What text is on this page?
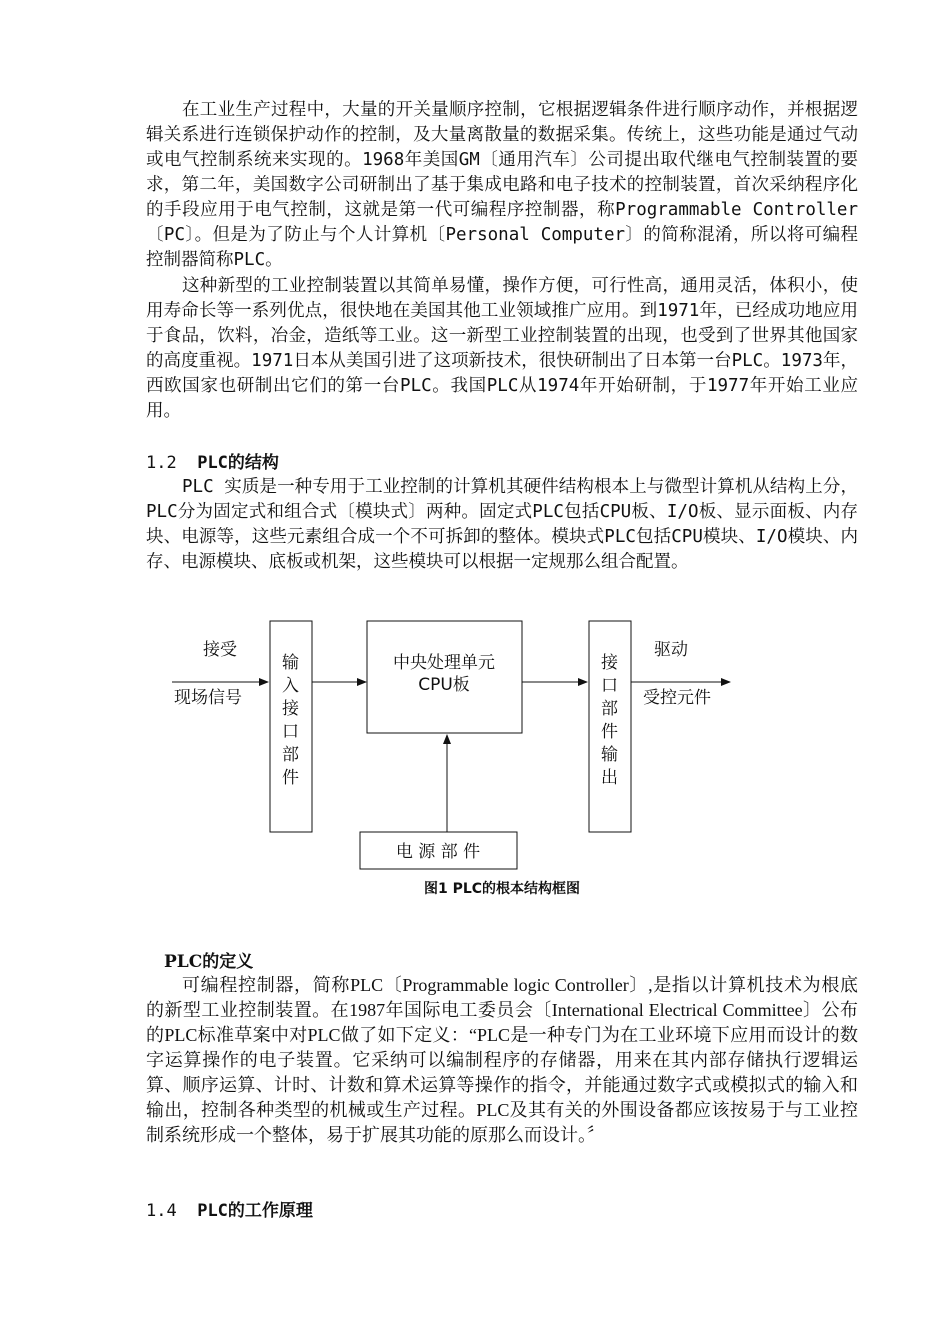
在工业生产过程中，大量的开关量顺序控制，它根据逻辑条件进行顺序动作，并根据逻辑关系进行连锁保护动作的控制，及大量离散量的数据采集。传统上，这些功能是通过气动或电气控制系统来实现的。1968年美国GM〔通用汽车〕公司提出取代继电气控制装置的要求，第二年，美国数字公司研制出了基于集成电路和电子技术的控制装置，首次采纳程序化的手段应用于电气控制，这就是第一代可编程序控制器，称Programmable Controller〔PC〕。但是为了防止与个人计算机〔Personal Computer〕的简称混淆，所以将可编程控制器简称PLC。

这种新型的工业控制装置以其简单易懂，操作方便，可行性高，通用灵活，体积小，使用寿命长等一系列优点，很快地在美国其他工业领域推广应用。到1971年，已经成功地应用于食品，饮料，冶金，造纸等工业。这一新型工业控制装置的出现，也受到了世界其他国家的高度重视。1971日本从美国引进了这项新技术，很快研制出了日本第一台PLC。1973年，西欧国家也研制出它们的第一台PLC。我国PLC从1974年开始研制，于1977年开始工业应用。

1.2 PLC的结构

PLC 实质是一种专用于工业控制的计算机其硬件结构根本上与微型计算机从结构上分，PLC分为固定式和组合式〔模块式〕两种。固定式PLC包括CPU板、I/O板、显示面板、内存块、电源等，这些元素组合成一个不可拆卸的整体。模块式PLC包括CPU模块、I/O模块、内存、电源模块、底板或机架，这些模块可以根据一定规那么组合配置。

接受
现场信号
输
入
接
口
部
件
中央处理单元
CPU板
接
口
部
件
输
出
驱动
受控元件
电 源 部 件
图1 PLC的根本结构框图
PLC的定义

可编程控制器，简称PLC〔Programmable logic Controller〕,是指以计算机技术为根底的新型工业控制装置。在1987年国际电工委员会〔International Electrical Committee〕公布的PLC标准草案中对PLC做了如下定义：“PLC是一种专门为在工业环境下应用而设计的数字运算操作的电子装置。它采纳可以编制程序的存储器，用来在其内部存储执行逻辑运算、顺序运算、计时、计数和算术运算等操作的指令，并能通过数字式或模拟式的输入和输出，控制各种类型的机械或生产过程。PLC及其有关的外围设备都应该按易于与工业控制系统形成一个整体，易于扩展其功能的原那么而设计。〞

1.4 PLC的工作原理
